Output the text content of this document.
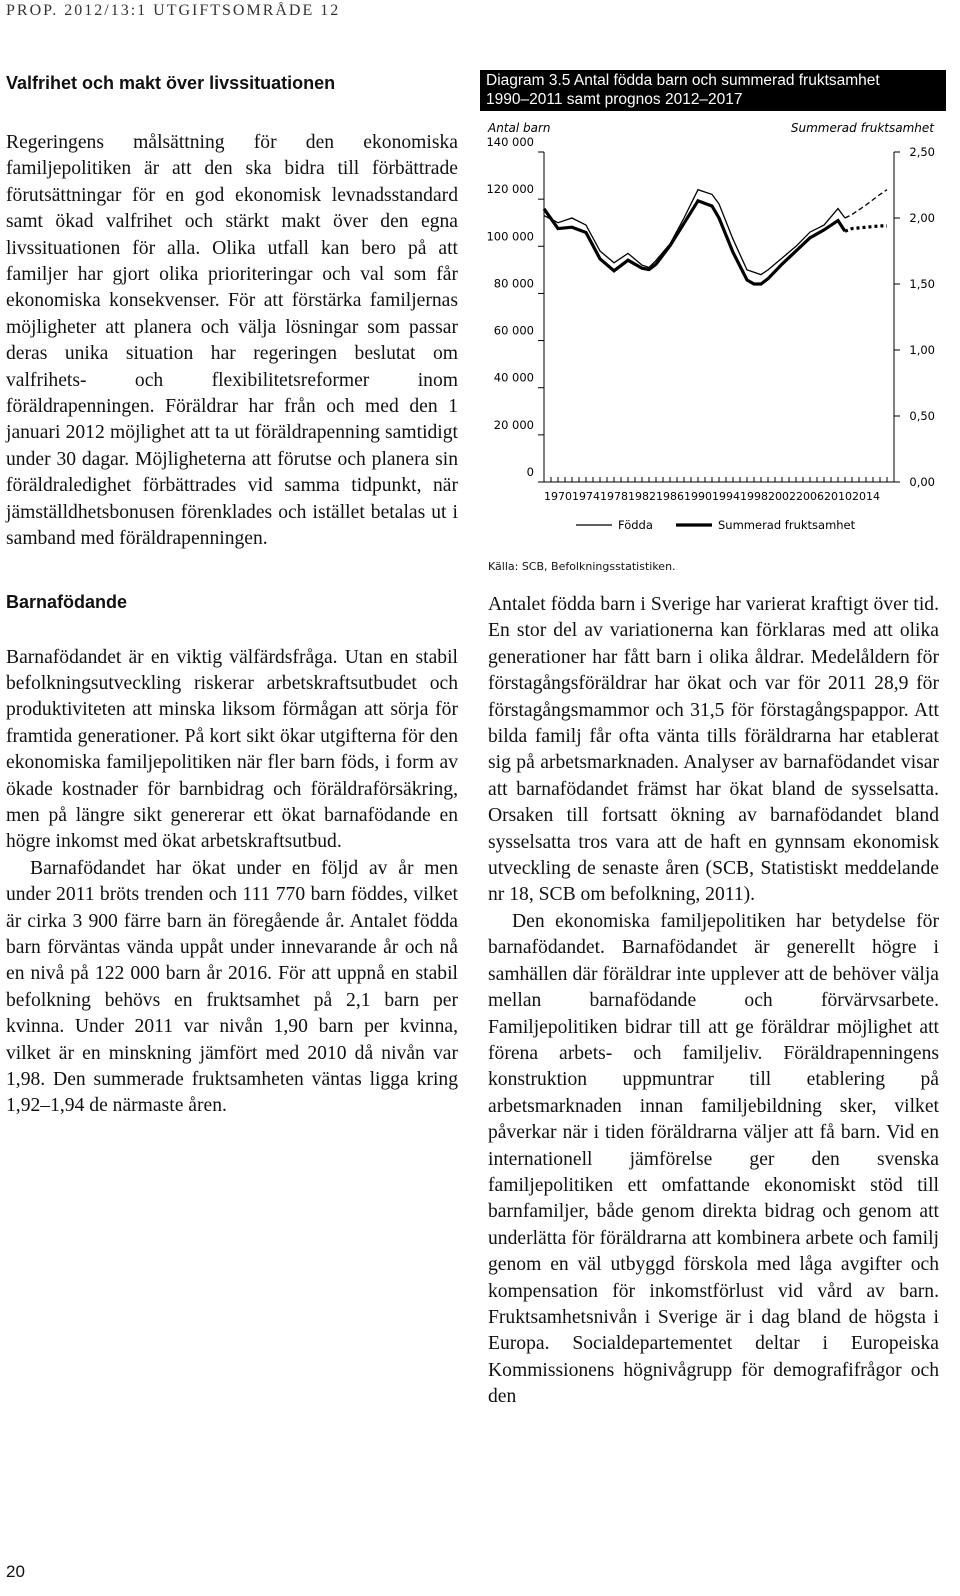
PROP. 2012/13:1 UTGIFTSOMRÅDE 12
Valfrihet och makt över livssituationen

Regeringens målsättning för den ekonomiska familjepolitiken är att den ska bidra till förbättrade förutsättningar för en god ekonomisk levnadsstandard samt ökad valfrihet och stärkt makt över den egna livssituationen för alla. Olika utfall kan bero på att familjer har gjort olika prioriteringar och val som får ekonomiska konsekvenser. För att förstärka familjernas möjligheter att planera och välja lösningar som passar deras unika situation har regeringen beslutat om valfrihets- och flexibilitetsreformer inom föräldrapenningen. Föräldrar har från och med den 1 januari 2012 möjlighet att ta ut föräldrapenning samtidigt under 30 dagar. Möjligheterna att förutse och planera sin föräldraledighet förbättrades vid samma tidpunkt, när jämställdhetsbonusen förenklades och istället betalas ut i samband med föräldrapenningen.

Barnafödande

Barnafödandet är en viktig välfärdsfråga. Utan en stabil befolkningsutveckling riskerar arbetskraftsutbudet och produktiviteten att minska liksom förmågan att sörja för framtida generationer. På kort sikt ökar utgifterna för den ekonomiska familjepolitiken när fler barn föds, i form av ökade kostnader för barnbidrag och föräldraförsäkring, men på längre sikt genererar ett ökat barnafödande en högre inkomst med ökat arbetskraftsutbud.

Barnafödandet har ökat under en följd av år men under 2011 bröts trenden och 111 770 barn föddes, vilket är cirka 3 900 färre barn än föregående år. Antalet födda barn förväntas vända uppåt under innevarande år och nå en nivå på 122 000 barn år 2016. För att uppnå en stabil befolkning behövs en fruktsamhet på 2,1 barn per kvinna. Under 2011 var nivån 1,90 barn per kvinna, vilket är en minskning jämfört med 2010 då nivån var 1,98. Den summerade fruktsamheten väntas ligga kring 1,92–1,94 de närmaste åren.

Diagram 3.5 Antal födda barn och summerad fruktsamhet
1990–2011 samt prognos 2012–2017
Antal barn	Summerad fruktsamhet
0
20 000
40 000
60 000
80 000
100 000
120 000
140 000
0,00
0,50
1,00
1,50
2,00
2,50
1970 1974 1978 1982 1986 1990 1994 1998 2002 2006 2010 2014
Födda	Summerad fruktsamhet
Källa: SCB, Befolkningsstatistiken.

Antalet födda barn i Sverige har varierat kraftigt över tid. En stor del av variationerna kan förklaras med att olika generationer har fått barn i olika åldrar. Medelåldern för förstagångsföräldrar har ökat och var för 2011 28,9 för förstagångsmammor och 31,5 för förstagångspappor. Att bilda familj får ofta vänta tills föräldrarna har etablerat sig på arbetsmarknaden. Analyser av barnafödandet visar att barnafödandet främst har ökat bland de sysselsatta. Orsaken till fortsatt ökning av barnafödandet bland sysselsatta tros vara att de haft en gynnsam ekonomisk utveckling de senaste åren (SCB, Statistiskt meddelande nr 18, SCB om befolkning, 2011).

Den ekonomiska familjepolitiken har betydelse för barnafödandet. Barnafödandet är generellt högre i samhällen där föräldrar inte upplever att de behöver välja mellan barnafödande och förvärvsarbete. Familjepolitiken bidrar till att ge föräldrar möjlighet att förena arbets- och familjeliv. Föräldrapenningens konstruktion uppmuntrar till etablering på arbetsmarknaden innan familjebildning sker, vilket påverkar när i tiden föräldrarna väljer att få barn. Vid en internationell jämförelse ger den svenska familjepolitiken ett omfattande ekonomiskt stöd till barnfamiljer, både genom direkta bidrag och genom att underlätta för föräldrarna att kombinera arbete och familj genom en väl utbyggd förskola med låga avgifter och kompensation för inkomstförlust vid vård av barn. Fruktsamhetsnivån i Sverige är i dag bland de högsta i Europa. Socialdepartementet deltar i Europeiska Kommissionens högnivågrupp för demografifrågor och den

20
